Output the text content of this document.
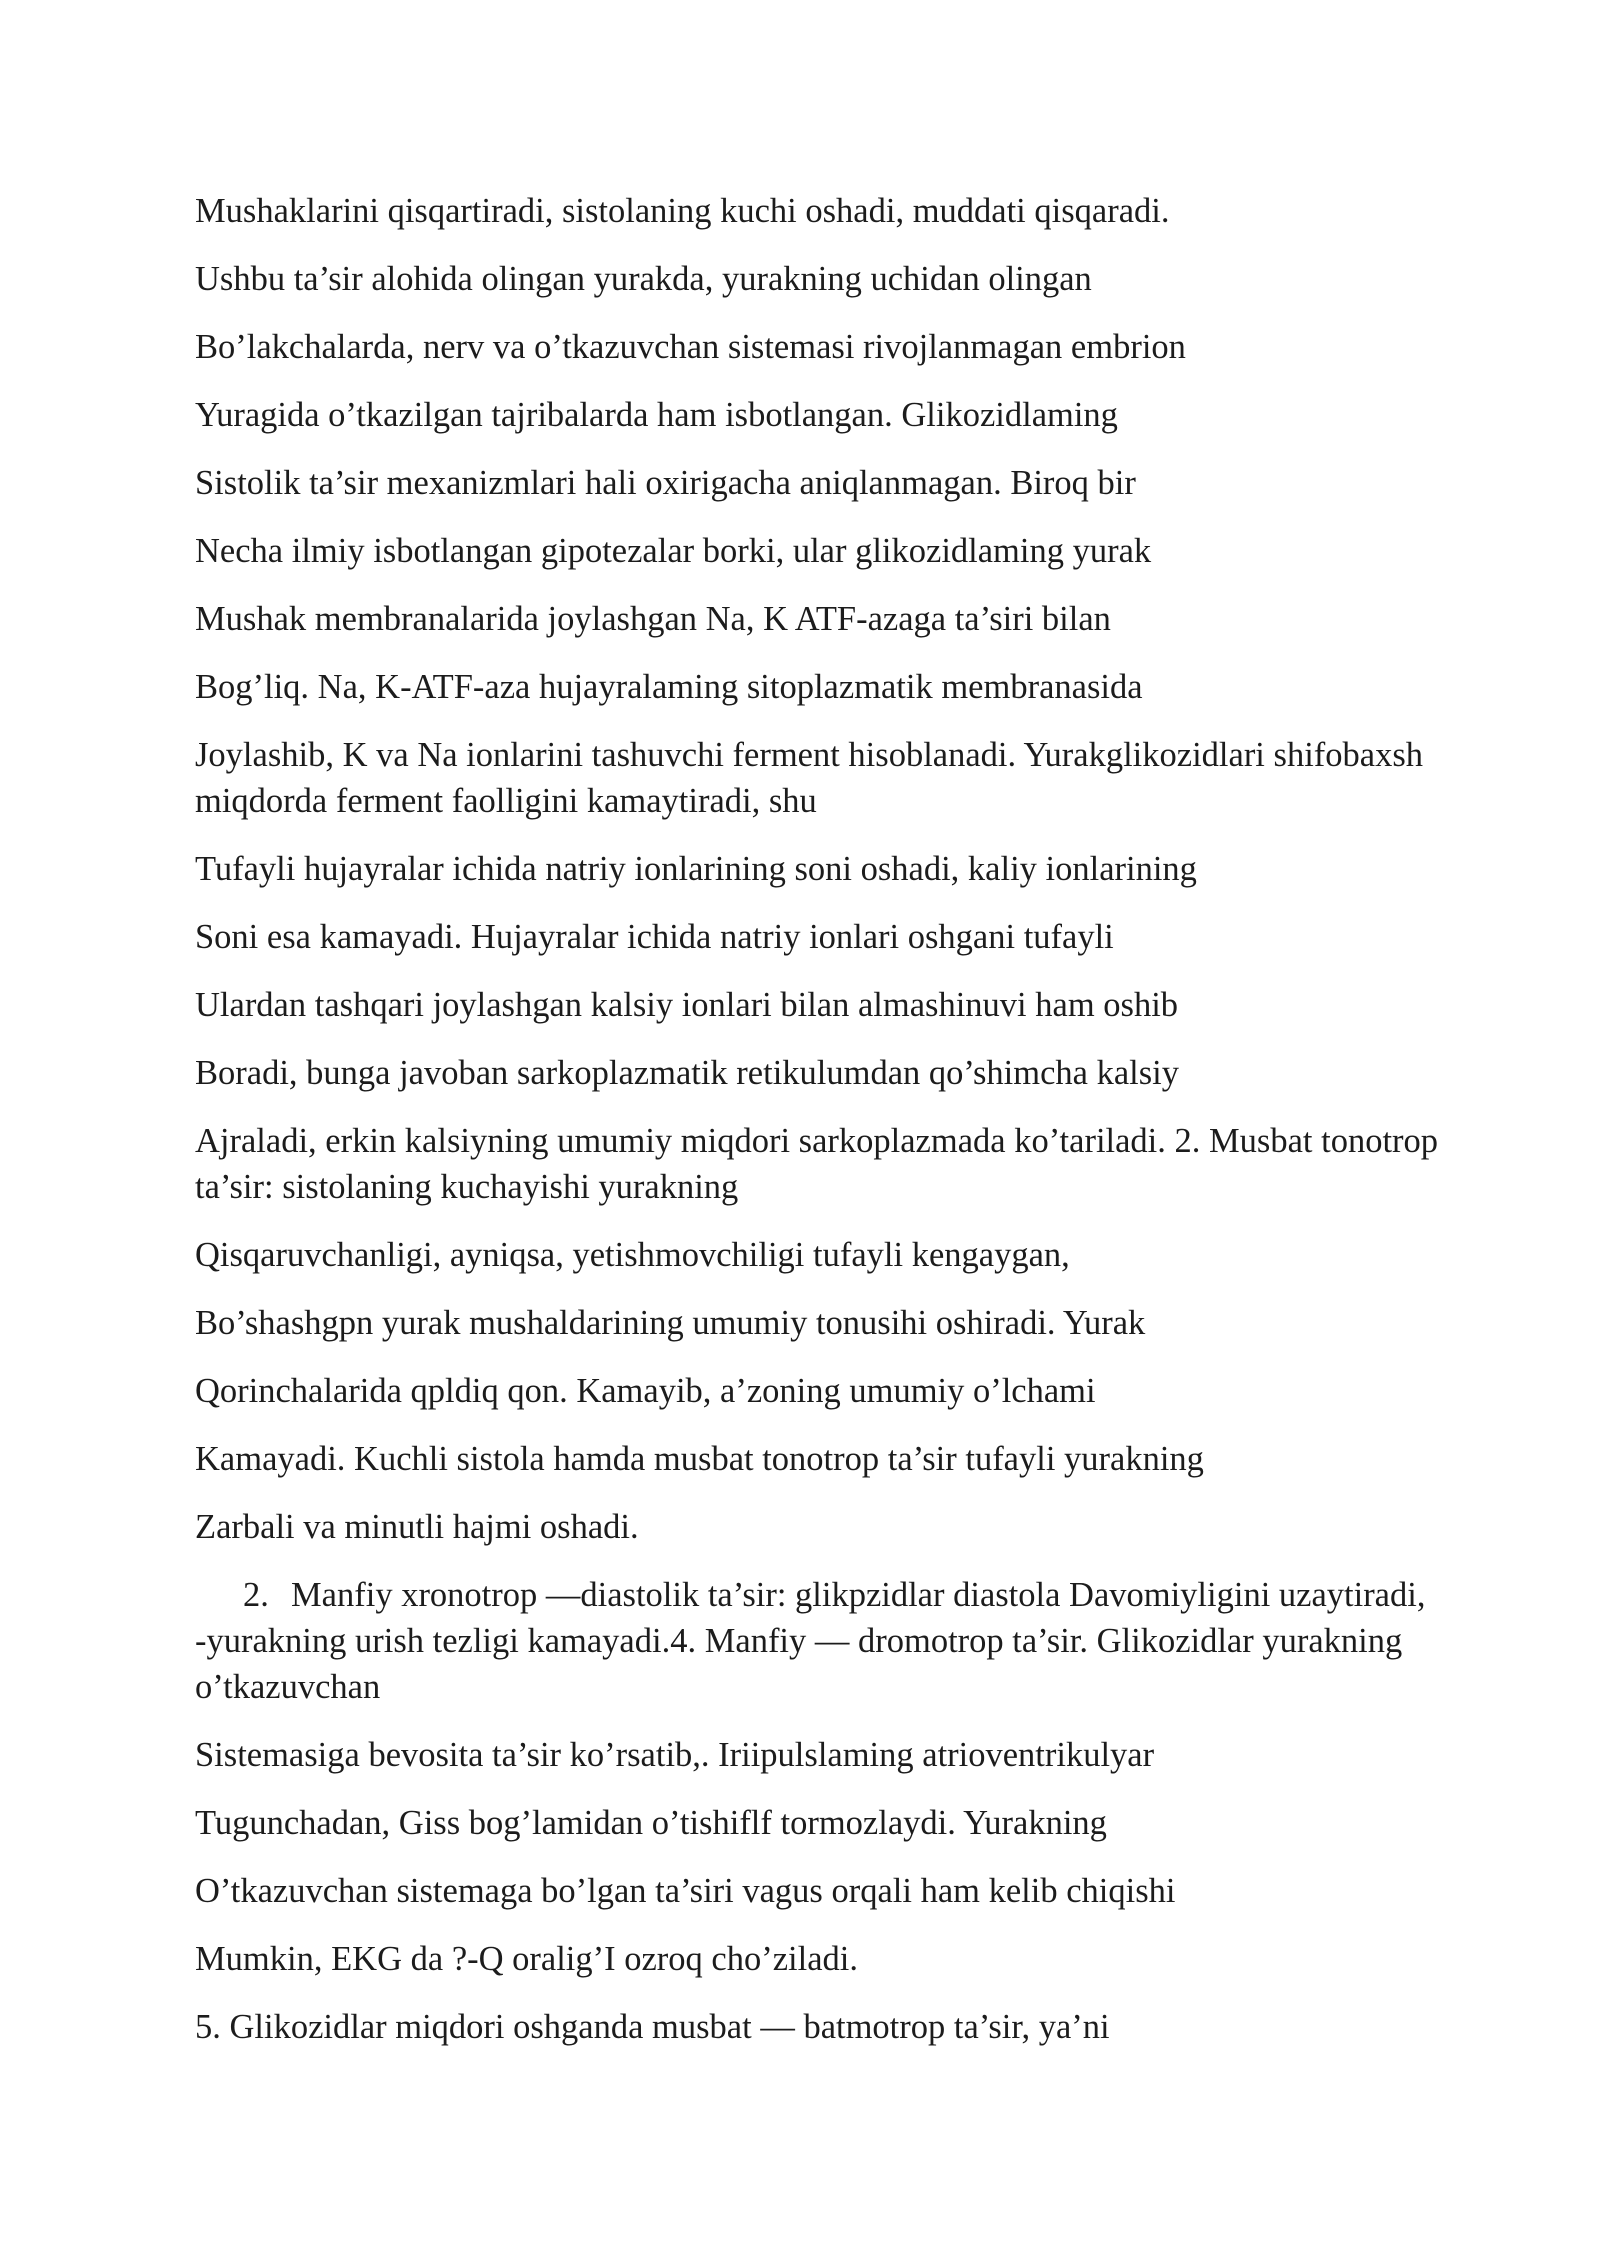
Mushaklarini qisqartiradi, sistolaning kuchi oshadi, muddati qisqaradi.

Ushbu ta’sir alohida olingan yurakda, yurakning uchidan olingan

Bo’lakchalarda, nerv va o’tkazuvchan sistemasi rivojlanmagan embrion

Yuragida o’tkazilgan tajribalarda ham isbotlangan. Glikozidlaming

Sistolik ta’sir mexanizmlari hali oxirigacha aniqlanmagan. Biroq bir

Necha ilmiy isbotlangan gipotezalar borki, ular glikozidlaming yurak

Mushak membranalarida joylashgan Na, K ATF-azaga ta’siri bilan

Bog’liq. Na, K-ATF-aza hujayralaming sitoplazmatik membranasida

Joylashib, K va Na ionlarini tashuvchi ferment hisoblanadi. Yurakglikozidlari shifobaxsh miqdorda ferment faolligini kamaytiradi, shu

Tufayli hujayralar ichida natriy ionlarining soni oshadi, kaliy ionlarining

Soni esa kamayadi. Hujayralar ichida natriy ionlari oshgani tufayli

Ulardan tashqari joylashgan kalsiy ionlari bilan almashinuvi ham oshib

Boradi, bunga javoban sarkoplazmatik retikulumdan qo’shimcha kalsiy

Ajraladi, erkin kalsiyning umumiy miqdori sarkoplazmada ko’tariladi. 2. Musbat tonotrop ta’sir: sistolaning kuchayishi yurakning

Qisqaruvchanligi, ayniqsa, yetishmovchiligi tufayli kengaygan,

Bo’shashgpn yurak mushaldarining umumiy tonusihi oshiradi. Yurak

Qorinchalarida qpldiq qon. Kamayib, a’zoning umumiy o’lchami

Kamayadi. Kuchli sistola hamda musbat tonotrop ta’sir tufayli yurakning

Zarbali va minutli hajmi oshadi.

2. Manfiy xronotrop —diastolik ta’sir: glikpzidlar diastola Davomiyligini uzaytiradi, -yurakning urish tezligi kamayadi.4. Manfiy — dromotrop ta’sir. Glikozidlar yurakning o’tkazuvchan

Sistemasiga bevosita ta’sir ko’rsatib,. Iriipulslaming atrioventrikulyar

Tugunchadan, Giss bog’lamidan o’tishiflf tormozlaydi. Yurakning

O’tkazuvchan sistemaga bo’lgan ta’siri vagus orqali ham kelib chiqishi

Mumkin, EKG da ?-Q oralig’I ozroq cho’ziladi.

5. Glikozidlar miqdori oshganda musbat — batmotrop ta’sir, ya’ni
